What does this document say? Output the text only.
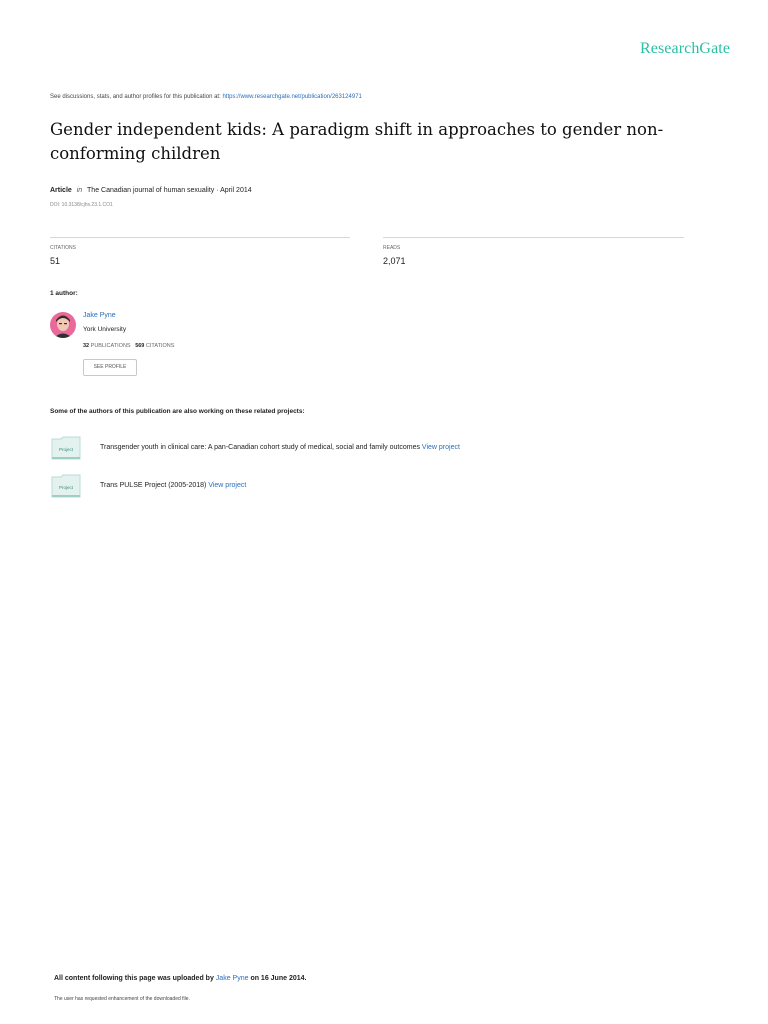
ResearchGate
See discussions, stats, and author profiles for this publication at: https://www.researchgate.net/publication/263124971
Gender independent kids: A paradigm shift in approaches to gender non-conforming children
Article in The Canadian journal of human sexuality · April 2014
DOI: 10.3138/cjhs.23.1.CO1
CITATIONS
51
READS
2,071
1 author:
Jake Pyne
York University
32 PUBLICATIONS 569 CITATIONS
SEE PROFILE
Some of the authors of this publication are also working on these related projects:
Project	Transgender youth in clinical care: A pan-Canadian cohort study of medical, social and family outcomes View project
Project	Trans PULSE Project (2005-2018) View project
All content following this page was uploaded by Jake Pyne on 16 June 2014.
The user has requested enhancement of the downloaded file.
